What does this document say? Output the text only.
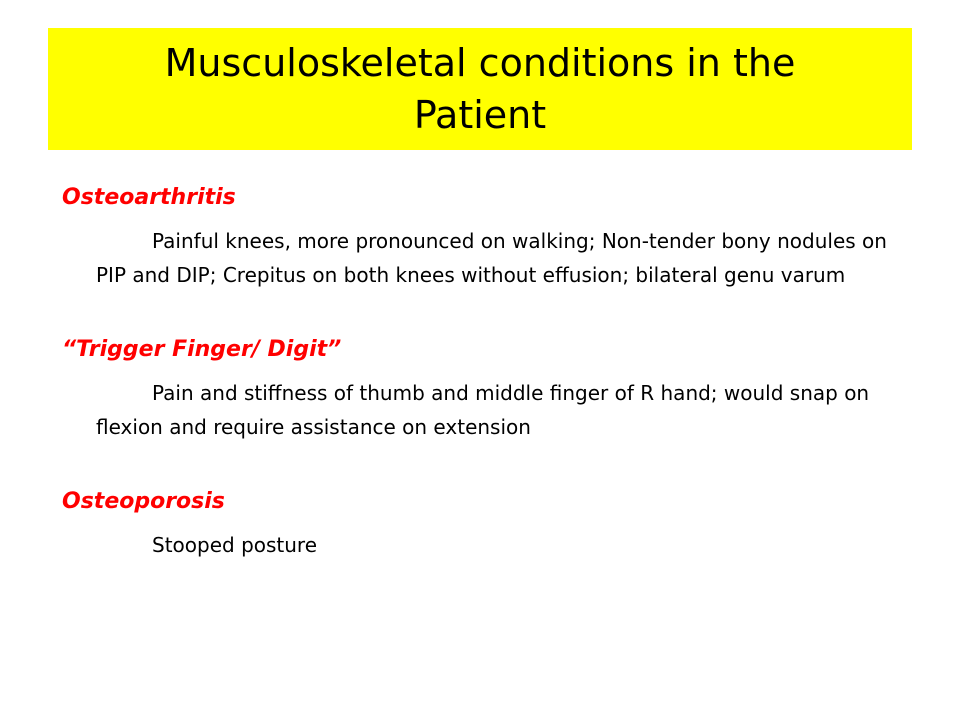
Musculoskeletal conditions in the Patient

Osteoarthritis

Painful knees, more pronounced on walking; Non-tender bony nodules on PIP and DIP; Crepitus on both knees without effusion; bilateral genu varum

“Trigger Finger/ Digit”

Pain and stiffness of thumb and middle finger of R hand; would snap on flexion and require assistance on extension

Osteoporosis

Stooped posture
